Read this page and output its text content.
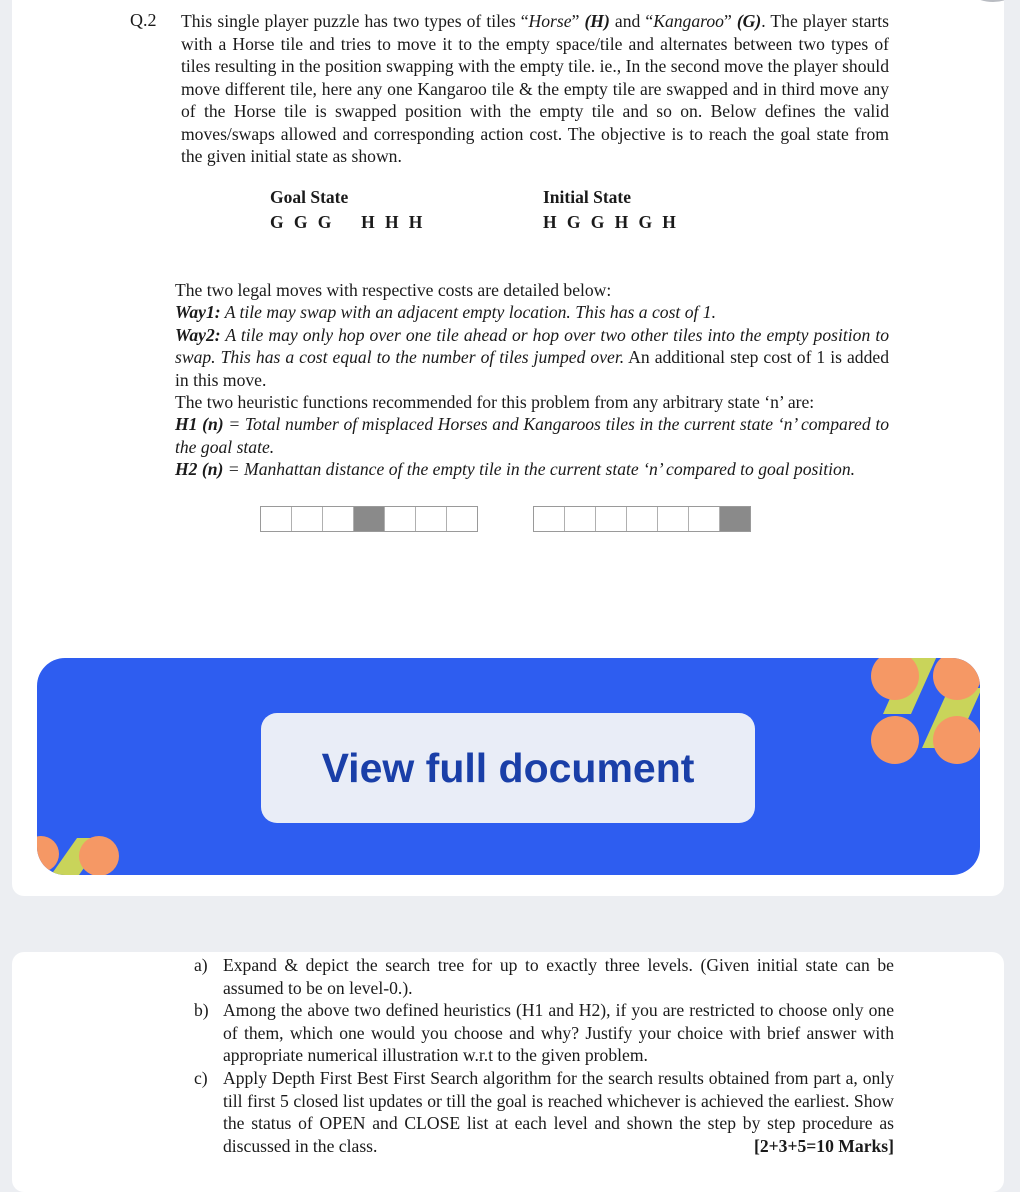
Q.2 This single player puzzle has two types of tiles “Horse” (H) and “Kangaroo” (G). The player starts with a Horse tile and tries to move it to the empty space/tile and alternates between two types of tiles resulting in the position swapping with the empty tile. ie., In the second move the player should move different tile, here any one Kangaroo tile & the empty tile are swapped and in third move any of the Horse tile is swapped position with the empty tile and so on. Below defines the valid moves/swaps allowed and corresponding action cost. The objective is to reach the goal state from the given initial state as shown.
Goal State
G  G  G      H  H  H
Initial State
H  G  G  H  G  H
The two legal moves with respective costs are detailed below:
Way1: A tile may swap with an adjacent empty location. This has a cost of 1.
Way2: A tile may only hop over one tile ahead or hop over two other tiles into the empty position to swap. This has a cost equal to the number of tiles jumped over. An additional step cost of 1 is added in this move.
The two heuristic functions recommended for this problem from any arbitrary state ‘n’ are:
H1 (n) = Total number of misplaced Horses and Kangaroos tiles in the current state ‘n’ compared to the goal state.
H2 (n) = Manhattan distance of the empty tile in the current state ‘n’ compared to goal position.
View full document
a) Expand & depict the search tree for up to exactly three levels. (Given initial state can be assumed to be on level-0.).
b) Among the above two defined heuristics (H1 and H2), if you are restricted to choose only one of them, which one would you choose and why? Justify your choice with brief answer with appropriate numerical illustration w.r.t to the given problem.
c) Apply Depth First Best First Search algorithm for the search results obtained from part a, only till first 5 closed list updates or till the goal is reached whichever is achieved the earliest. Show the status of OPEN and CLOSE list at each level and shown the step by step procedure as discussed in the class.	[2+3+5=10 Marks]
